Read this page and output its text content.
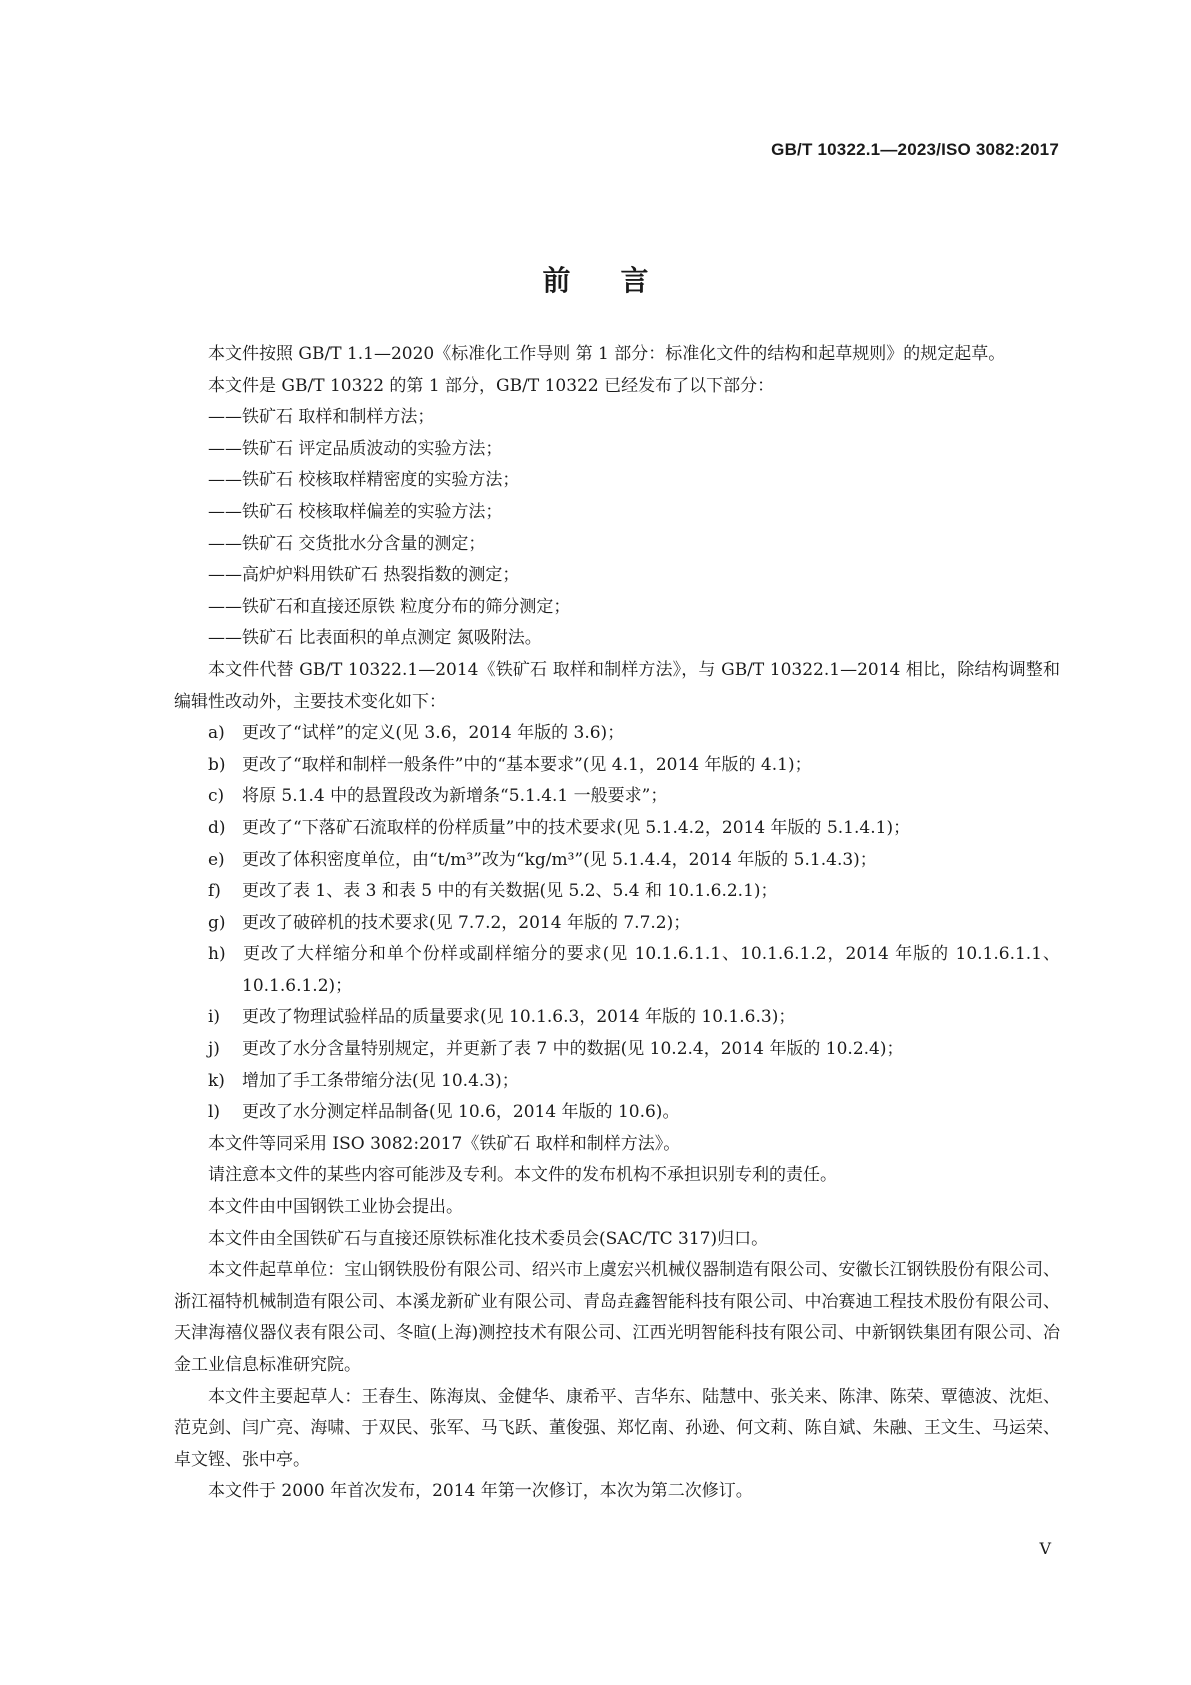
GB/T 10322.1—2023/ISO 3082:2017
前言

本文件按照 GB/T 1.1—2020《标准化工作导则 第 1 部分：标准化文件的结构和起草规则》的规定起草。

本文件是 GB/T 10322 的第 1 部分，GB/T 10322 已经发布了以下部分：

——铁矿石 取样和制样方法；

——铁矿石 评定品质波动的实验方法；

——铁矿石 校核取样精密度的实验方法；

——铁矿石 校核取样偏差的实验方法；

——铁矿石 交货批水分含量的测定；

——高炉炉料用铁矿石 热裂指数的测定；

——铁矿石和直接还原铁 粒度分布的筛分测定；

——铁矿石 比表面积的单点测定 氮吸附法。

本文件代替 GB/T 10322.1—2014《铁矿石 取样和制样方法》，与 GB/T 10322.1—2014 相比，除结构调整和编辑性改动外，主要技术变化如下：

a) 更改了“试样”的定义(见 3.6，2014 年版的 3.6)；

b) 更改了“取样和制样一般条件”中的“基本要求”(见 4.1，2014 年版的 4.1)；

c) 将原 5.1.4 中的悬置段改为新增条“5.1.4.1 一般要求”；

d) 更改了“下落矿石流取样的份样质量”中的技术要求(见 5.1.4.2，2014 年版的 5.1.4.1)；

e) 更改了体积密度单位，由“t/m³”改为“kg/m³”(见 5.1.4.4，2014 年版的 5.1.4.3)；

f) 更改了表 1、表 3 和表 5 中的有关数据(见 5.2、5.4 和 10.1.6.2.1)；

g) 更改了破碎机的技术要求(见 7.7.2，2014 年版的 7.7.2)；

h) 更改了大样缩分和单个份样或副样缩分的要求(见 10.1.6.1.1、10.1.6.1.2，2014 年版的 10.1.6.1.1、10.1.6.1.2)；

i) 更改了物理试验样品的质量要求(见 10.1.6.3，2014 年版的 10.1.6.3)；

j) 更改了水分含量特别规定，并更新了表 7 中的数据(见 10.2.4，2014 年版的 10.2.4)；

k) 增加了手工条带缩分法(见 10.4.3)；

l) 更改了水分测定样品制备(见 10.6，2014 年版的 10.6)。

本文件等同采用 ISO 3082:2017《铁矿石 取样和制样方法》。

请注意本文件的某些内容可能涉及专利。本文件的发布机构不承担识别专利的责任。

本文件由中国钢铁工业协会提出。

本文件由全国铁矿石与直接还原铁标准化技术委员会(SAC/TC 317)归口。

本文件起草单位：宝山钢铁股份有限公司、绍兴市上虞宏兴机械仪器制造有限公司、安徽长江钢铁股份有限公司、浙江福特机械制造有限公司、本溪龙新矿业有限公司、青岛垚鑫智能科技有限公司、中冶赛迪工程技术股份有限公司、天津海禧仪器仪表有限公司、冬暄(上海)测控技术有限公司、江西光明智能科技有限公司、中新钢铁集团有限公司、冶金工业信息标准研究院。

本文件主要起草人：王春生、陈海岚、金健华、康希平、吉华东、陆慧中、张关来、陈津、陈荣、覃德波、沈炬、范克剑、闫广亮、海啸、于双民、张军、马飞跃、董俊强、郑忆南、孙逊、何文莉、陈自斌、朱融、王文生、马运荣、卓文铿、张中亭。

本文件于 2000 年首次发布，2014 年第一次修订，本次为第二次修订。

V
